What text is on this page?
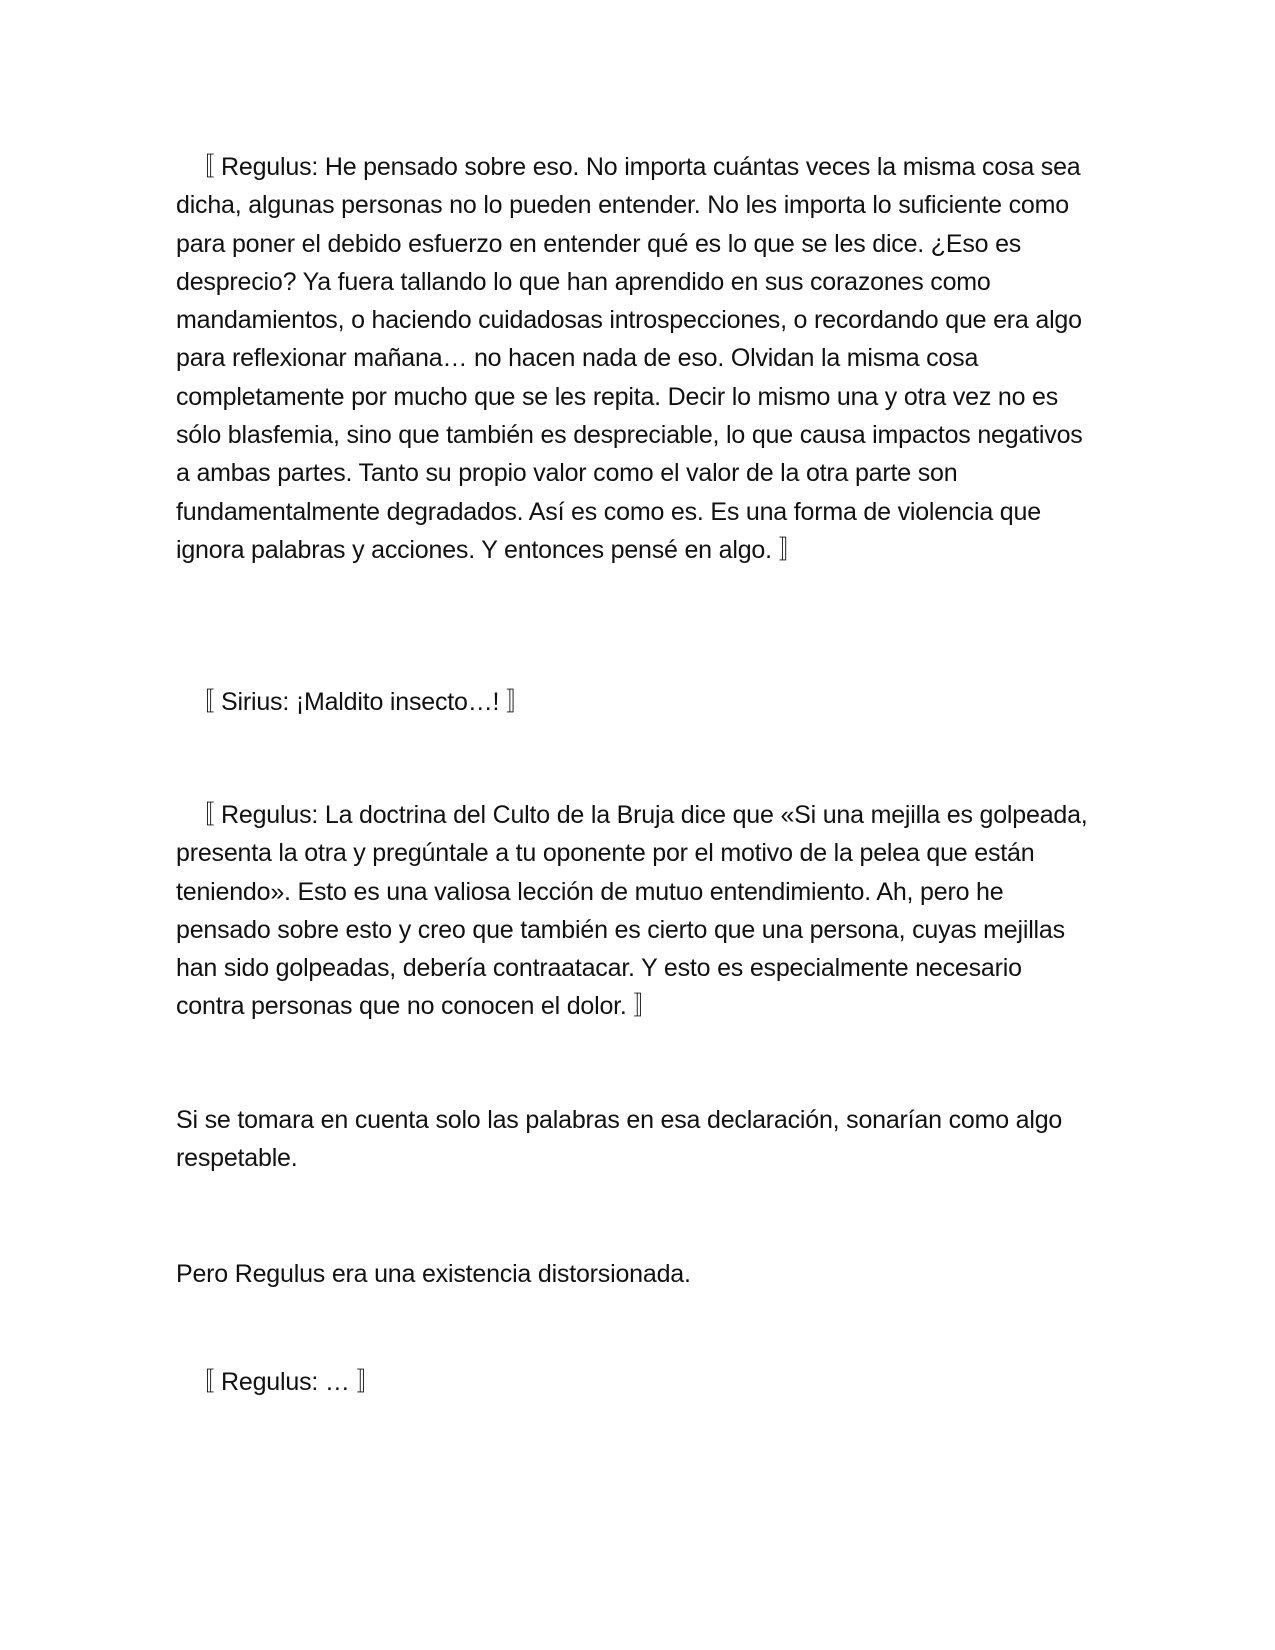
〚 Regulus: He pensado sobre eso. No importa cuántas veces la misma cosa sea dicha, algunas personas no lo pueden entender. No les importa lo suficiente como para poner el debido esfuerzo en entender qué es lo que se les dice. ¿Eso es desprecio? Ya fuera tallando lo que han aprendido en sus corazones como mandamientos, o haciendo cuidadosas introspecciones, o recordando que era algo para reflexionar mañana… no hacen nada de eso. Olvidan la misma cosa completamente por mucho que se les repita. Decir lo mismo una y otra vez no es sólo blasfemia, sino que también es despreciable, lo que causa impactos negativos a ambas partes. Tanto su propio valor como el valor de la otra parte son fundamentalmente degradados. Así es como es. Es una forma de violencia que ignora palabras y acciones. Y entonces pensé en algo. 〛

〚 Sirius: ¡Maldito insecto…! 〛

〚 Regulus: La doctrina del Culto de la Bruja dice que «Si una mejilla es golpeada, presenta la otra y pregúntale a tu oponente por el motivo de la pelea que están teniendo». Esto es una valiosa lección de mutuo entendimiento. Ah, pero he pensado sobre esto y creo que también es cierto que una persona, cuyas mejillas han sido golpeadas, debería contraatacar. Y esto es especialmente necesario contra personas que no conocen el dolor. 〛

Si se tomara en cuenta solo las palabras en esa declaración, sonarían como algo respetable.

Pero Regulus era una existencia distorsionada.

〚 Regulus: … 〛
